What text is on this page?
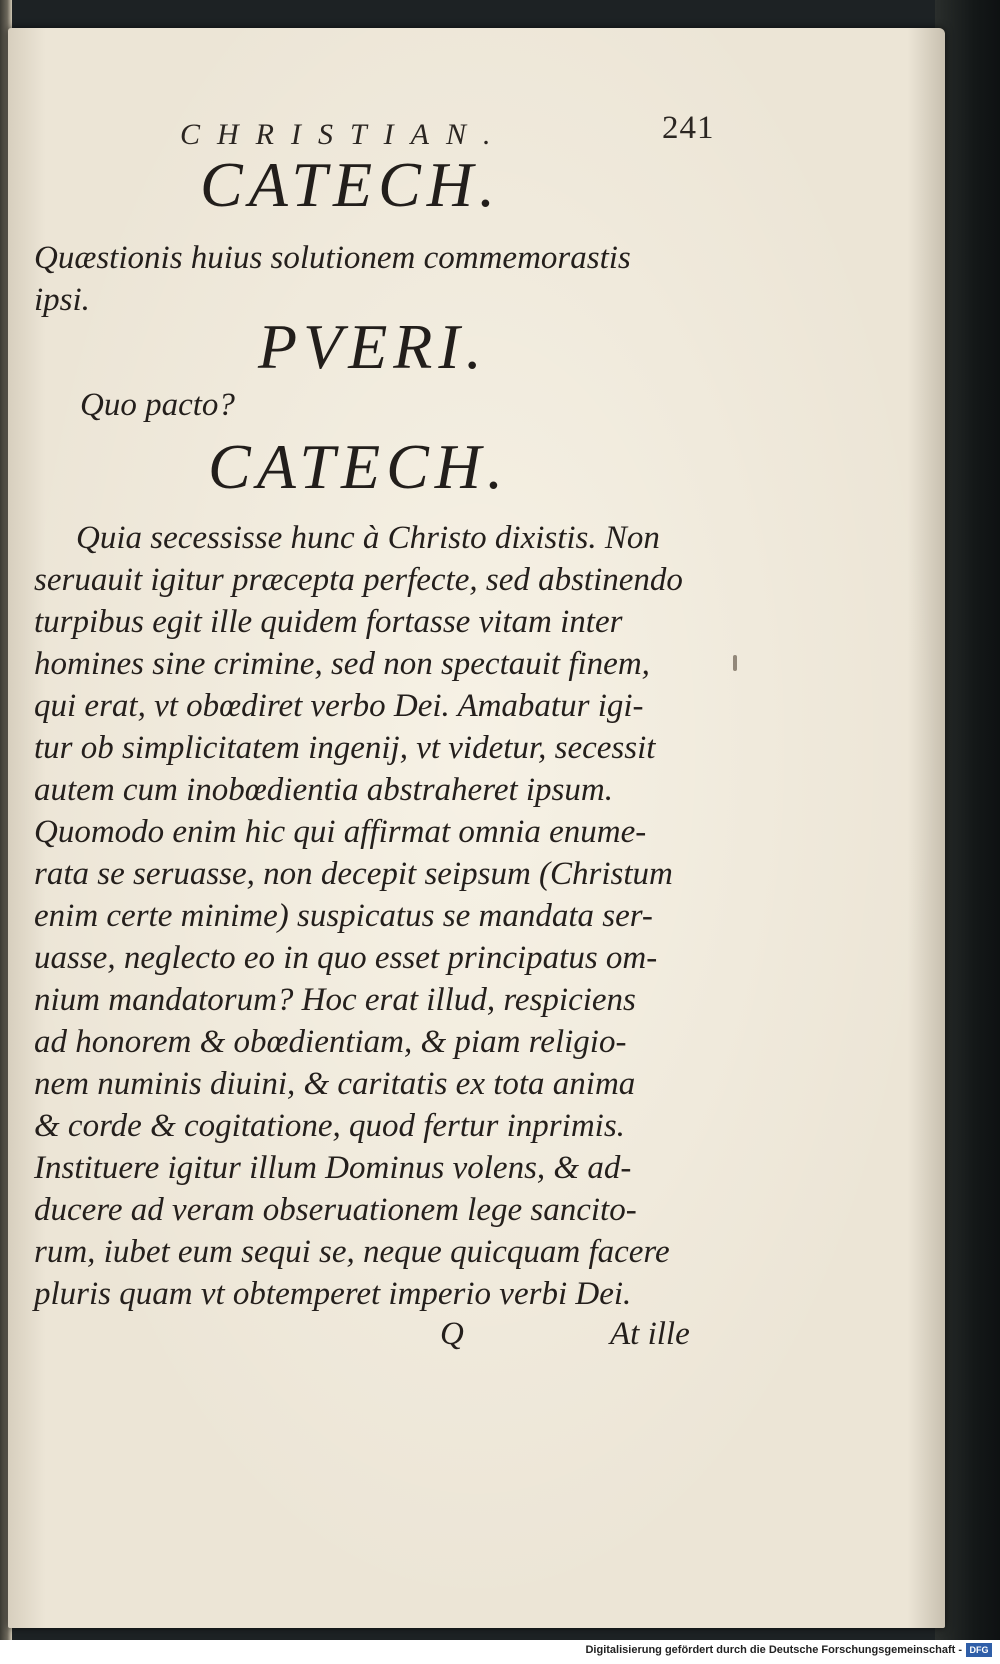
CHRISTIAN.	241
CATECH.
Quæstionis huius solutionem commemorastis
ipsi.
PVERI.
Quo pacto?
CATECH.
Quia secessisse hunc à Christo dixistis. Non
seruauit igitur præcepta perfecte, sed abstinendo
turpibus egit ille quidem fortasse vitam inter
homines sine crimine, sed non spectauit finem,
qui erat, vt obœdiret verbo Dei. Amabatur igi-
tur ob simplicitatem ingenij, vt videtur, secessit
autem cum inobœdientia abstraheret ipsum.
Quomodo enim hic qui affirmat omnia enume-
rata se seruasse, non decepit seipsum (Christum
enim certe minime) suspicatus se mandata ser-
uasse, neglecto eo in quo esset principatus om-
nium mandatorum? Hoc erat illud, respiciens
ad honorem & obœdientiam, & piam religio-
nem numinis diuini, & caritatis ex tota anima
& corde & cogitatione, quod fertur inprimis.
Instituere igitur illum Dominus volens, & ad-
ducere ad veram obseruationem lege sancito-
rum, iubet eum sequi se, neque quicquam facere
pluris quam vt obtemperet imperio verbi Dei.
Q	At ille
Digitalisierung gefördert durch die Deutsche Forschungsgemeinschaft - DFG
